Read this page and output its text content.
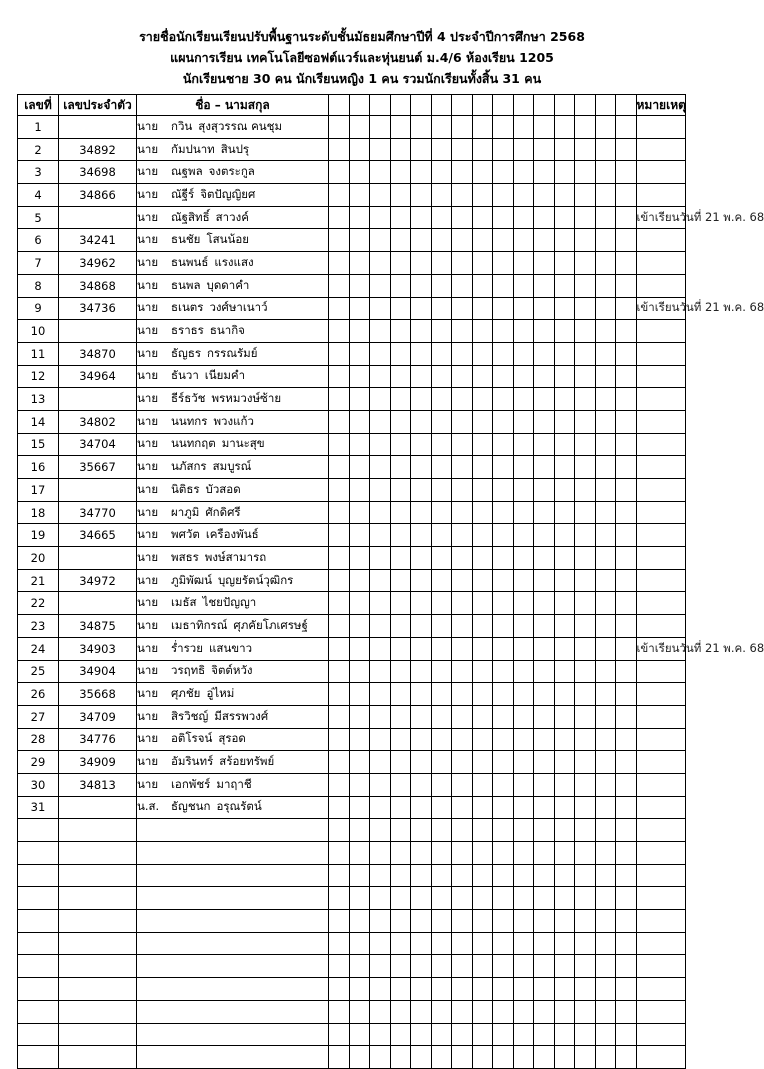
รายชื่อนักเรียนเรียนปรับพื้นฐานระดับชั้นมัธยมศึกษาปีที่ 4 ประจำปีการศึกษา 2568
แผนการเรียน เทคโนโลยีซอฟต์แวร์และหุ่นยนต์ ม.4/6 ห้องเรียน 1205
นักเรียนชาย 30 คน นักเรียนหญิง 1 คน รวมนักเรียนทั้งสิ้น 31 คน
เลขที่	เลขประจำตัว	ชื่อ – นามสกุล																หมายเหตุ
1		นาย กวิน สุงสุวรรณ คนชุม																
2	34892	นาย กัมปนาท สินปรุ																
3	34698	นาย ณฐพล จงตระกูล																
4	34866	นาย ณัฐีร์ จิตปัญญิยศ																
5		นาย ณัฐสิทธิ์ สาวงค์																เข้าเรียนวันที่ 21 พ.ค. 68
6	34241	นาย ธนชัย โสนน้อย																
7	34962	นาย ธนพนธ์ แรงแสง																
8	34868	นาย ธนพล บุดดาคำ																
9	34736	นาย ธเนตร วงศ์ษาเนาว์																เข้าเรียนวันที่ 21 พ.ค. 68
10		นาย ธราธร ธนากิจ																
11	34870	นาย ธัญธร กรรณรัมย์																
12	34964	นาย ธันวา เนียมคำ																
13		นาย ธีร์ธวัช พรหมวงษ์ซ้าย																
14	34802	นาย นนทกร พวงแก้ว																
15	34704	นาย นนทกฤต มานะสุข																
16	35667	นาย นภัสกร สมบูรณ์																
17		นาย นิติธร บัวสอด																
18	34770	นาย ผาภูมิ ศักดิศรี																
19	34665	นาย พศวัต เครืองพันธ์																
20		นาย พสธร พงษ์สามารถ																
21	34972	นาย ภูมิพัฒน์ บุญยรัตน์วุฒิกร																
22		นาย เมธัส ไชยปัญญา																
23	34875	นาย เมธาทิกรณ์ ศุภคัยโภเศรษฐ์																
24	34903	นาย ร่ำรวย แสนขาว																เข้าเรียนวันที่ 21 พ.ค. 68
25	34904	นาย วรฤทธิ จิตต์หวัง																
26	35668	นาย ศุภชัย อู่ไหม่																
27	34709	นาย สิรวิชญ์ มีสรรพวงศ์																
28	34776	นาย อติโรจน์ สุรอด																
29	34909	นาย อัมรินทร์ สร้อยทรัพย์																
30	34813	นาย เอกพัชร์ มาฤาชี																
31		น.ส. ธัญชนก อรุณรัตน์																
